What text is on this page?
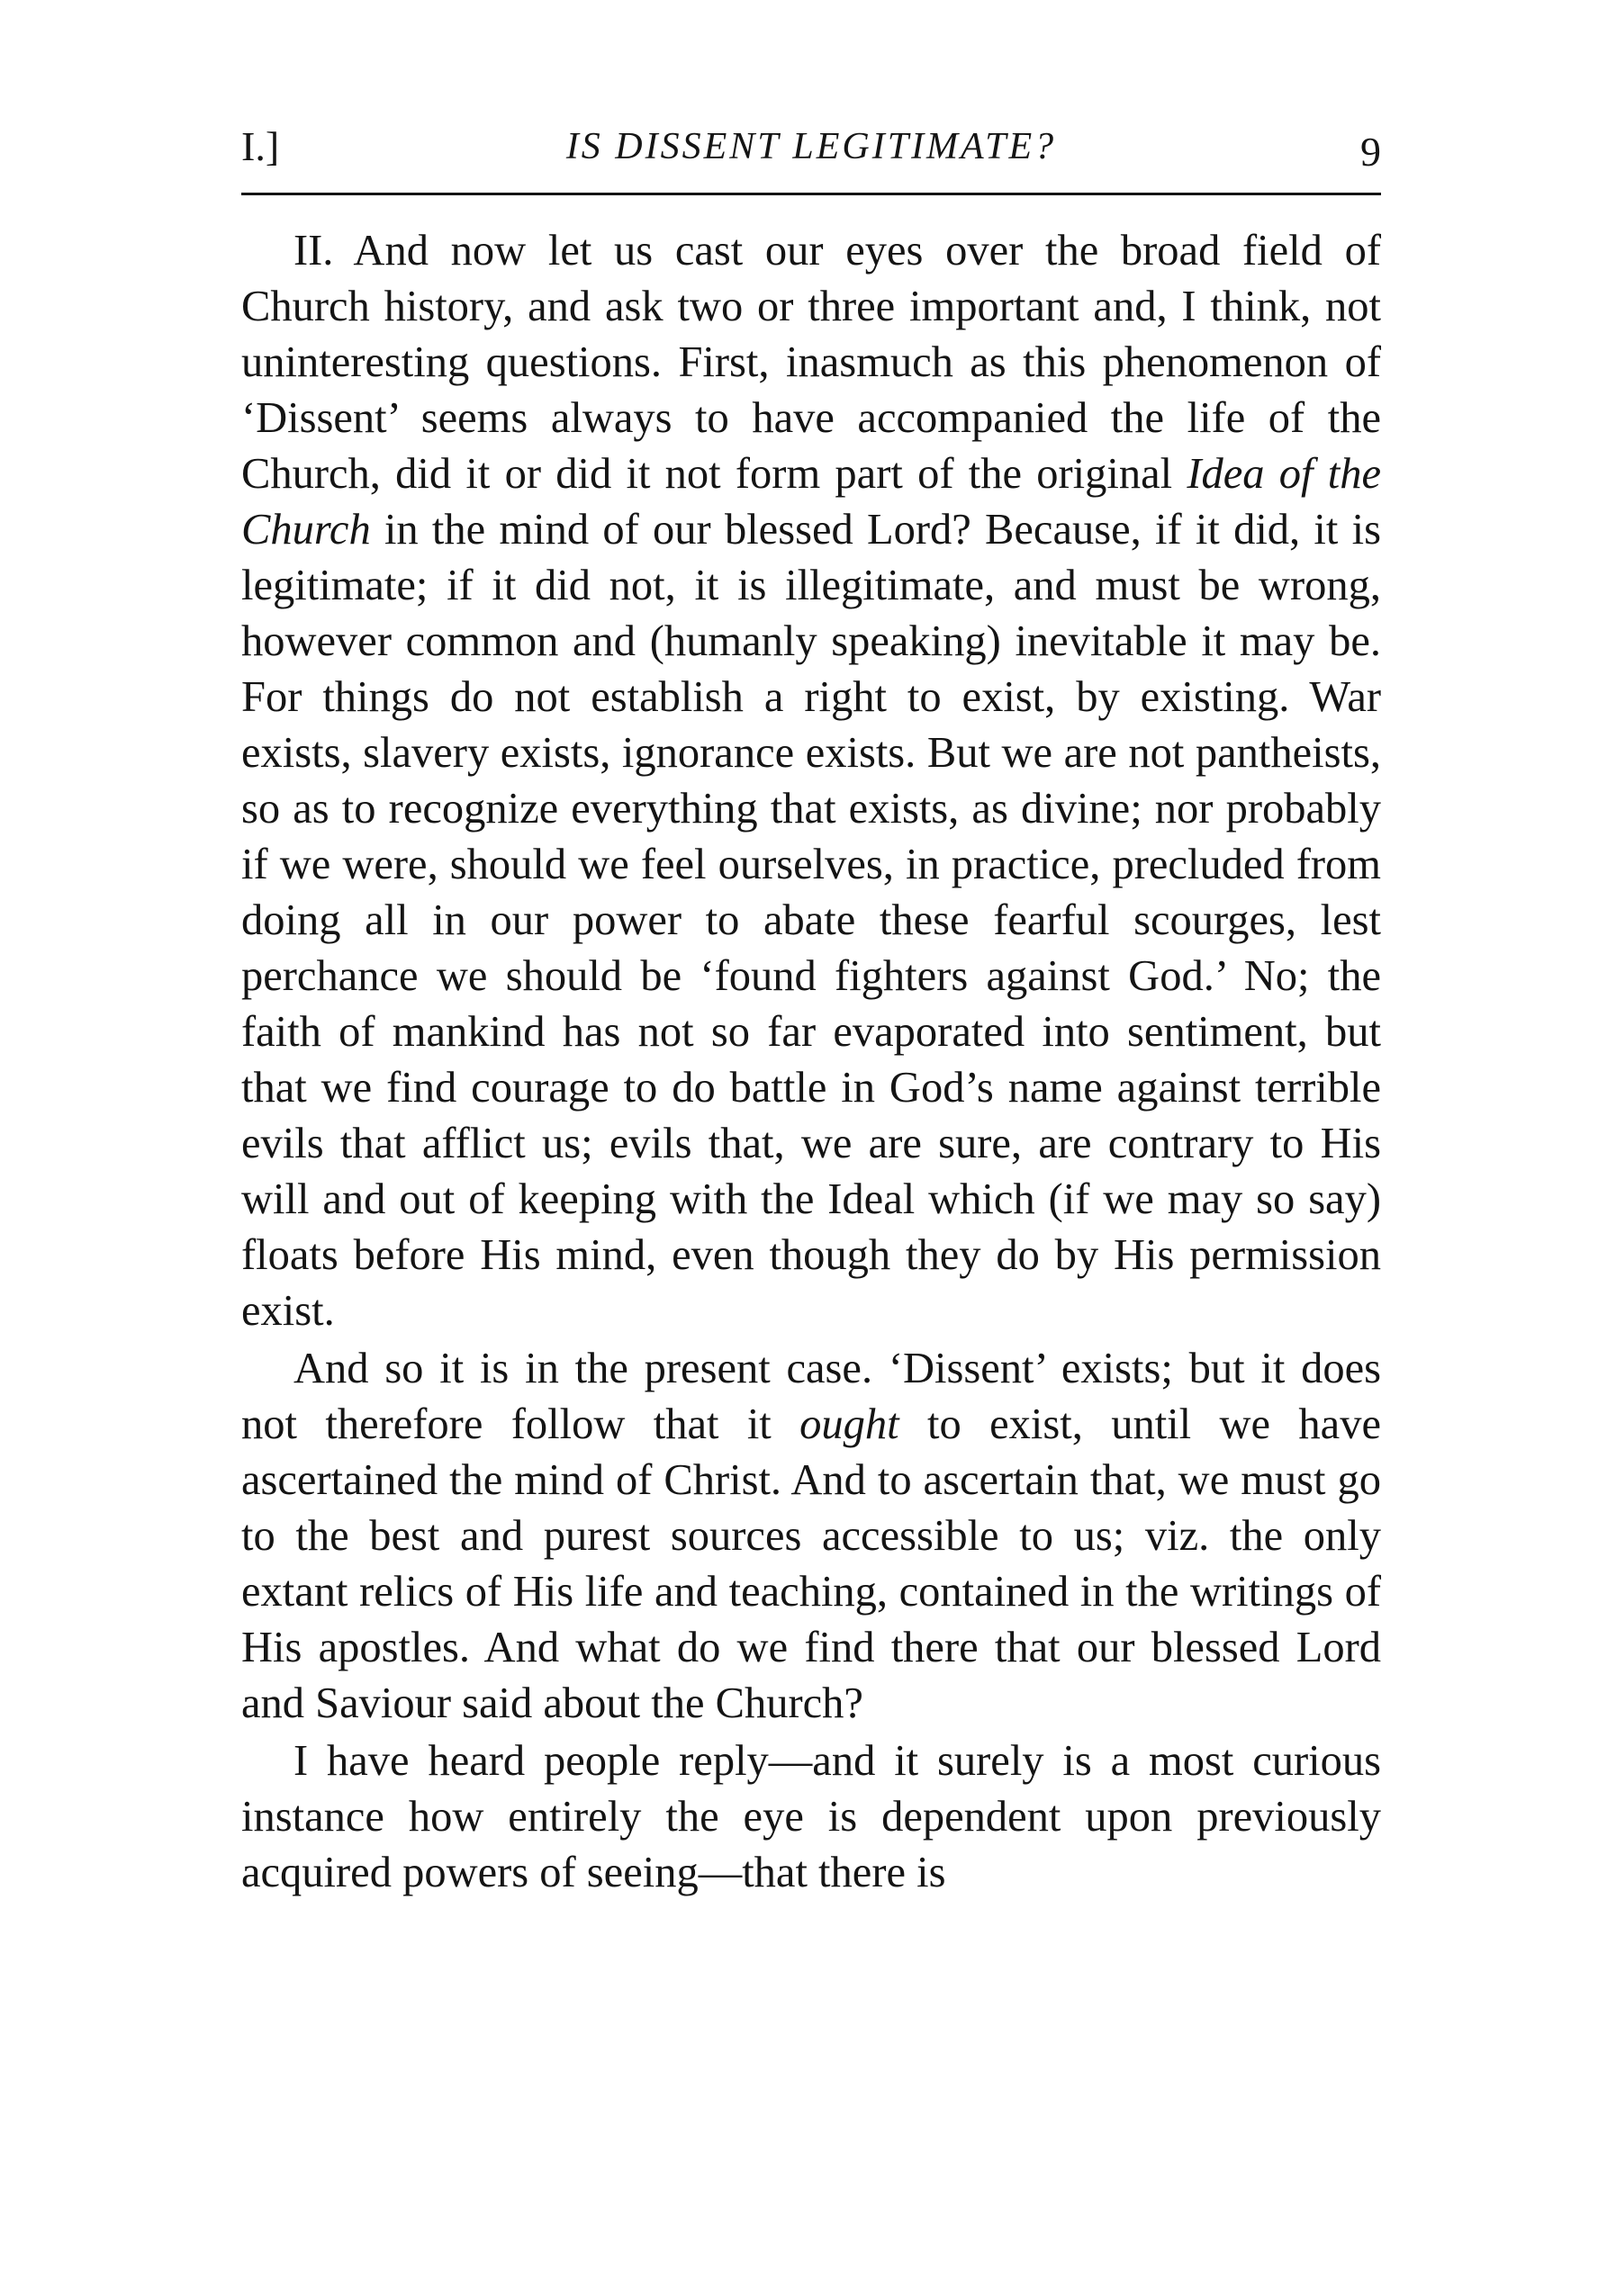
I.]	IS DISSENT LEGITIMATE?	9

II. And now let us cast our eyes over the broad field of Church history, and ask two or three important and, I think, not uninteresting questions. First, inasmuch as this phenomenon of ‘Dissent’ seems always to have accompanied the life of the Church, did it or did it not form part of the original Idea of the Church in the mind of our blessed Lord? Because, if it did, it is legitimate; if it did not, it is illegitimate, and must be wrong, however common and (humanly speaking) inevitable it may be. For things do not establish a right to exist, by existing. War exists, slavery exists, ignorance exists. But we are not pantheists, so as to recognize everything that exists, as divine; nor probably if we were, should we feel ourselves, in practice, precluded from doing all in our power to abate these fearful scourges, lest perchance we should be ‘found fighters against God.’ No; the faith of mankind has not so far evaporated into sentiment, but that we find courage to do battle in God’s name against terrible evils that afflict us; evils that, we are sure, are contrary to His will and out of keeping with the Ideal which (if we may so say) floats before His mind, even though they do by His permission exist.

And so it is in the present case. ‘Dissent’ exists; but it does not therefore follow that it ought to exist, until we have ascertained the mind of Christ. And to ascertain that, we must go to the best and purest sources accessible to us; viz. the only extant relics of His life and teaching, contained in the writings of His apostles. And what do we find there that our blessed Lord and Saviour said about the Church?

I have heard people reply—and it surely is a most curious instance how entirely the eye is dependent upon previously acquired powers of seeing—that there is
